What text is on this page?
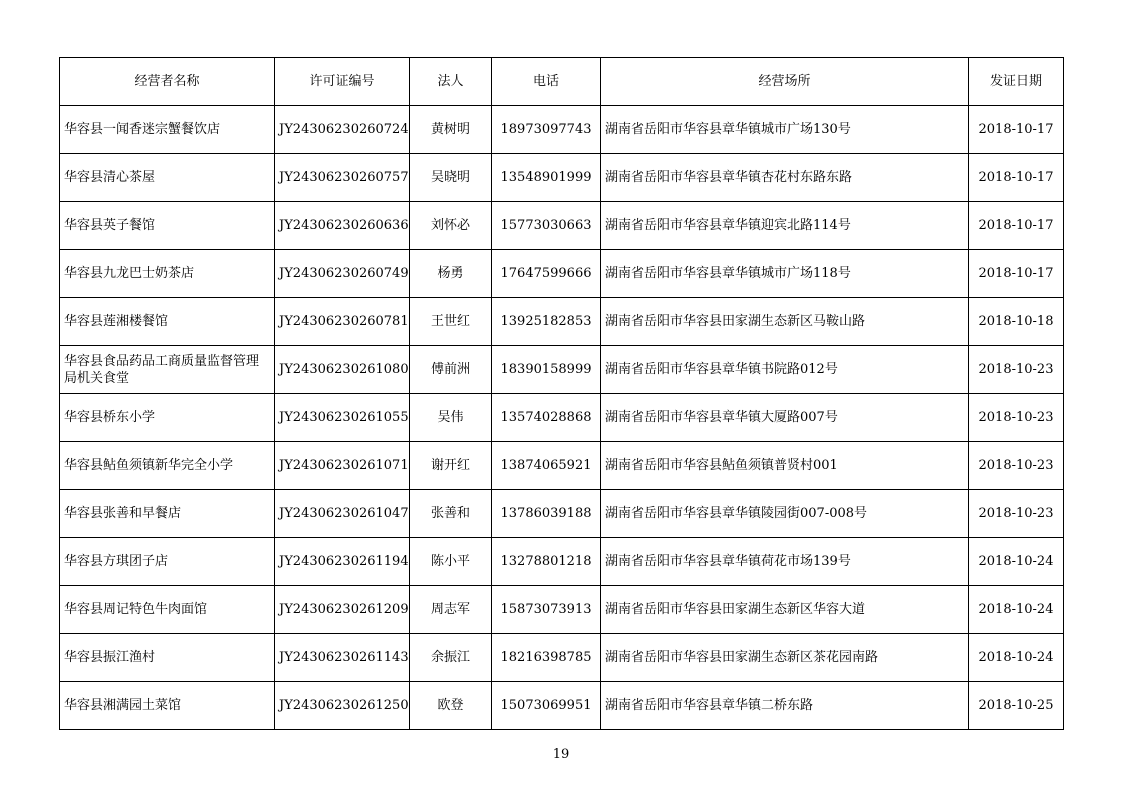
经营者名称	许可证编号	法人	电话	经营场所	发证日期
华容县一闻香迷宗蟹餐饮店	JY24306230260724	黄树明	18973097743	湖南省岳阳市华容县章华镇城市广场130号	2018-10-17
华容县清心茶屋	JY24306230260757	吴晓明	13548901999	湖南省岳阳市华容县章华镇杏花村东路东路	2018-10-17
华容县英子餐馆	JY24306230260636	刘怀必	15773030663	湖南省岳阳市华容县章华镇迎宾北路114号	2018-10-17
华容县九龙巴士奶茶店	JY24306230260749	杨勇	17647599666	湖南省岳阳市华容县章华镇城市广场118号	2018-10-17
华容县莲湘楼餐馆	JY24306230260781	王世红	13925182853	湖南省岳阳市华容县田家湖生态新区马鞍山路	2018-10-18
华容县食品药品工商质量监督管理局机关食堂	JY24306230261080	傅前洲	18390158999	湖南省岳阳市华容县章华镇书院路012号	2018-10-23
华容县桥东小学	JY24306230261055	吴伟	13574028868	湖南省岳阳市华容县章华镇大厦路007号	2018-10-23
华容县鲇鱼须镇新华完全小学	JY24306230261071	谢开红	13874065921	湖南省岳阳市华容县鲇鱼须镇普贤村001	2018-10-23
华容县张善和早餐店	JY24306230261047	张善和	13786039188	湖南省岳阳市华容县章华镇陵园街007-008号	2018-10-23
华容县方琪团子店	JY24306230261194	陈小平	13278801218	湖南省岳阳市华容县章华镇荷花市场139号	2018-10-24
华容县周记特色牛肉面馆	JY24306230261209	周志军	15873073913	湖南省岳阳市华容县田家湖生态新区华容大道	2018-10-24
华容县振江渔村	JY24306230261143	余振江	18216398785	湖南省岳阳市华容县田家湖生态新区茶花园南路	2018-10-24
华容县湘满园土菜馆	JY24306230261250	欧登	15073069951	湖南省岳阳市华容县章华镇二桥东路	2018-10-25
19
